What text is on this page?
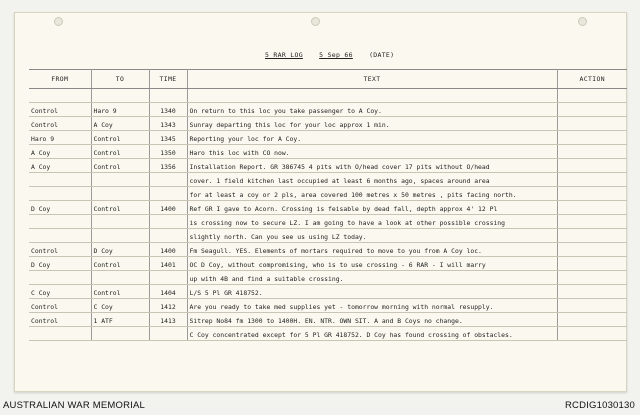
5 RAR LOG 5 Sep 66 (DATE)
FROM	TO	TIME	TEXT	ACTION

Control	Haro 9	1340	On return to this loc you take passenger to A Coy.	
Control	A Coy	1343	Sunray departing this loc for your loc approx 1 min.	
Haro 9	Control	1345	Reporting your loc for A Coy.	
A Coy	Control	1350	Haro this loc with CO now.	
A Coy	Control	1356	Installation Report. GR 386745 4 pits with O/head cover 17 pits without O/head	
			cover. 1 field kitchen last occupied at least 6 months ago, spaces around area	
			for at least a coy or 2 pls, area covered 100 metres x 50 metres , pits facing north.	
D Coy	Control	1400	Ref GR I gave to Acorn. Crossing is feisable by dead fall, depth approx 4' 12 Pl	
			is crossing now to secure LZ. I am going to have a look at other possible crossing	
			slightly north. Can you see us using LZ today.	
Control	D Coy	1400	Fm Seagull. YES. Elements of mortars required to move to you from A Coy loc.	
D Coy	Control	1401	OC D Coy, without compromising, who is to use crossing - 6 RAR - I will marry	
			up with 4B and find a suitable crossing.	
C Coy	Control	1404	L/S 5 Pl GR 418752.	
Control	C Coy	1412	Are you ready to take med supplies yet - tomorrow morning with normal resupply.	
Control	1 ATF	1413	Sitrep No84 fm 1300 to 1400H. EN. NTR. OWN SIT. A and B Coys no change.	
			C Coy concentrated except for 5 Pl GR 418752. D Coy has found crossing of obstacles.	
AUSTRALIAN WAR MEMORIAL	RCDIG1030130
